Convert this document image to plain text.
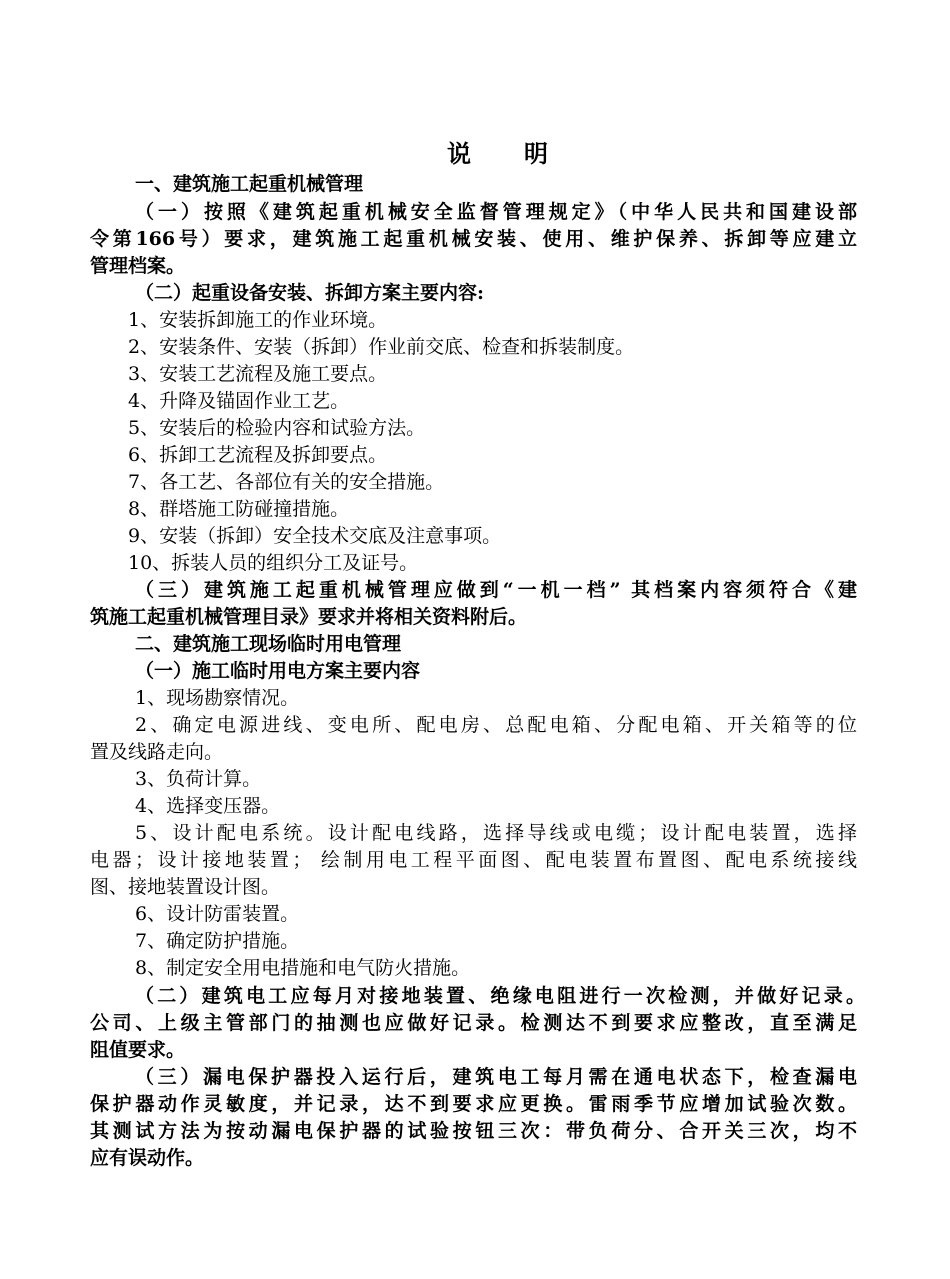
说 明
一、建筑施工起重机械管理
（一）按照《建筑起重机械安全监督管理规定》（中华人民共和国建设部
令第166号）要求，建筑施工起重机械安装、使用、维护保养、拆卸等应建立
管理档案。
（二）起重设备安装、拆卸方案主要内容:
1、安装拆卸施工的作业环境。
2、安装条件、安装（拆卸）作业前交底、检查和拆装制度。
3、安装工艺流程及施工要点。
4、升降及锚固作业工艺。
5、安装后的检验内容和试验方法。
6、拆卸工艺流程及拆卸要点。
7、各工艺、各部位有关的安全措施。
8、群塔施工防碰撞措施。
9、安装（拆卸）安全技术交底及注意事项。
10、拆装人员的组织分工及证号。
（三）建筑施工起重机械管理应做到“一机一档” 其档案内容须符合《建
筑施工起重机械管理目录》要求并将相关资料附后。
二、建筑施工现场临时用电管理
（一）施工临时用电方案主要内容
1、现场勘察情况。
2、确定电源进线、变电所、配电房、总配电箱、分配电箱、开关箱等的位
置及线路走向。
3、负荷计算。
4、选择变压器。
5、设计配电系统。设计配电线路，选择导线或电缆；设计配电装置，选择
电器；设计接地装置； 绘制用电工程平面图、配电装置布置图、配电系统接线
图、接地装置设计图。
6、设计防雷装置。
7、确定防护措施。
8、制定安全用电措施和电气防火措施。
（二）建筑电工应每月对接地装置、绝缘电阻进行一次检测，并做好记录。
公司、上级主管部门的抽测也应做好记录。检测达不到要求应整改，直至满足
阻值要求。
（三）漏电保护器投入运行后，建筑电工每月需在通电状态下，检查漏电
保护器动作灵敏度，并记录，达不到要求应更换。雷雨季节应增加试验次数。
其测试方法为按动漏电保护器的试验按钮三次：带负荷分、合开关三次，均不
应有误动作。
